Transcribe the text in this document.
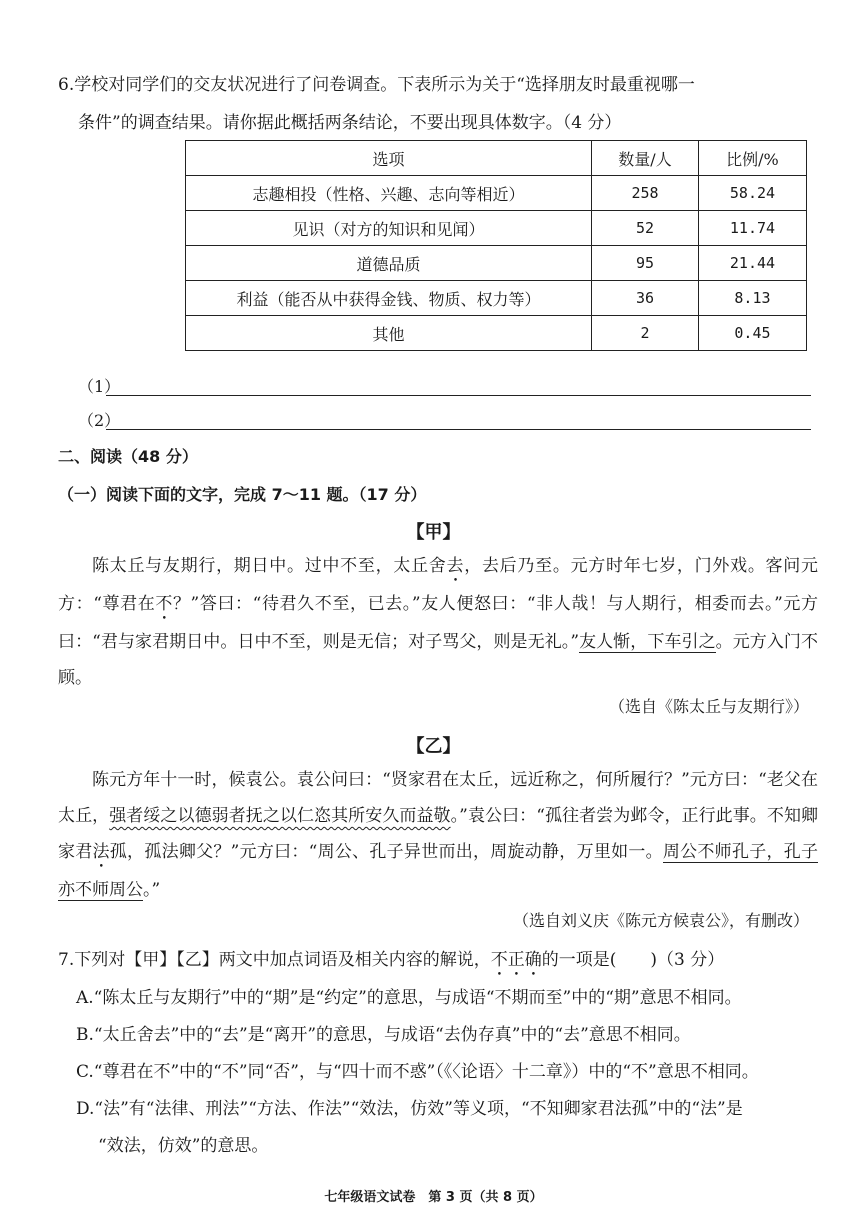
6.学校对同学们的交友状况进行了问卷调查。下表所示为关于“选择朋友时最重视哪一
条件”的调查结果。请你据此概括两条结论，不要出现具体数字。（4 分）
选项	数量/人	比例/%
志趣相投（性格、兴趣、志向等相近）	258	58.24
见识（对方的知识和见闻）	52	11.74
道德品质	95	21.44
利益（能否从中获得金钱、物质、权力等）	36	8.13
其他	2	0.45
（1）
（2）
二、阅读（48 分）
（一）阅读下面的文字，完成 7～11 题。（17 分）
【甲】

陈太丘与友期行，期日中。过中不至，太丘舍去，去后乃至。元方时年七岁，门外戏。客问元方：“尊君在不？”答曰：“待君久不至，已去。”友人便怒曰：“非人哉！与人期行，相委而去。”元方曰：“君与家君期日中。日中不至，则是无信；对子骂父，则是无礼。”友人惭，下车引之。元方入门不顾。

（选自《陈太丘与友期行》）
【乙】

陈元方年十一时，候袁公。袁公问曰：“贤家君在太丘，远近称之，何所履行？”元方曰：“老父在太丘，强者绥之以德弱者抚之以仁恣其所安久而益敬。”袁公曰：“孤往者尝为邺令，正行此事。不知卿家君法孤，孤法卿父？”元方曰：“周公、孔子异世而出，周旋动静，万里如一。周公不师孔子，孔子亦不师周公。”

（选自刘义庆《陈元方候袁公》，有删改）

7.下列对【甲】【乙】两文中加点词语及相关内容的解说，不正确的一项是(　　)（3 分）

A.“陈太丘与友期行”中的“期”是“约定”的意思，与成语“不期而至”中的“期”意思不相同。

B.“太丘舍去”中的“去”是“离开”的意思，与成语“去伪存真”中的“去”意思不相同。

C.“尊君在不”中的“不”同“否”，与“四十而不惑”（《〈论语〉十二章》）中的“不”意思不相同。

D.“法”有“法律、刑法”“方法、作法”“效法，仿效”等义项，“不知卿家君法孤”中的“法”是

“效法，仿效”的意思。

七年级语文试卷　第 3 页（共 8 页）
